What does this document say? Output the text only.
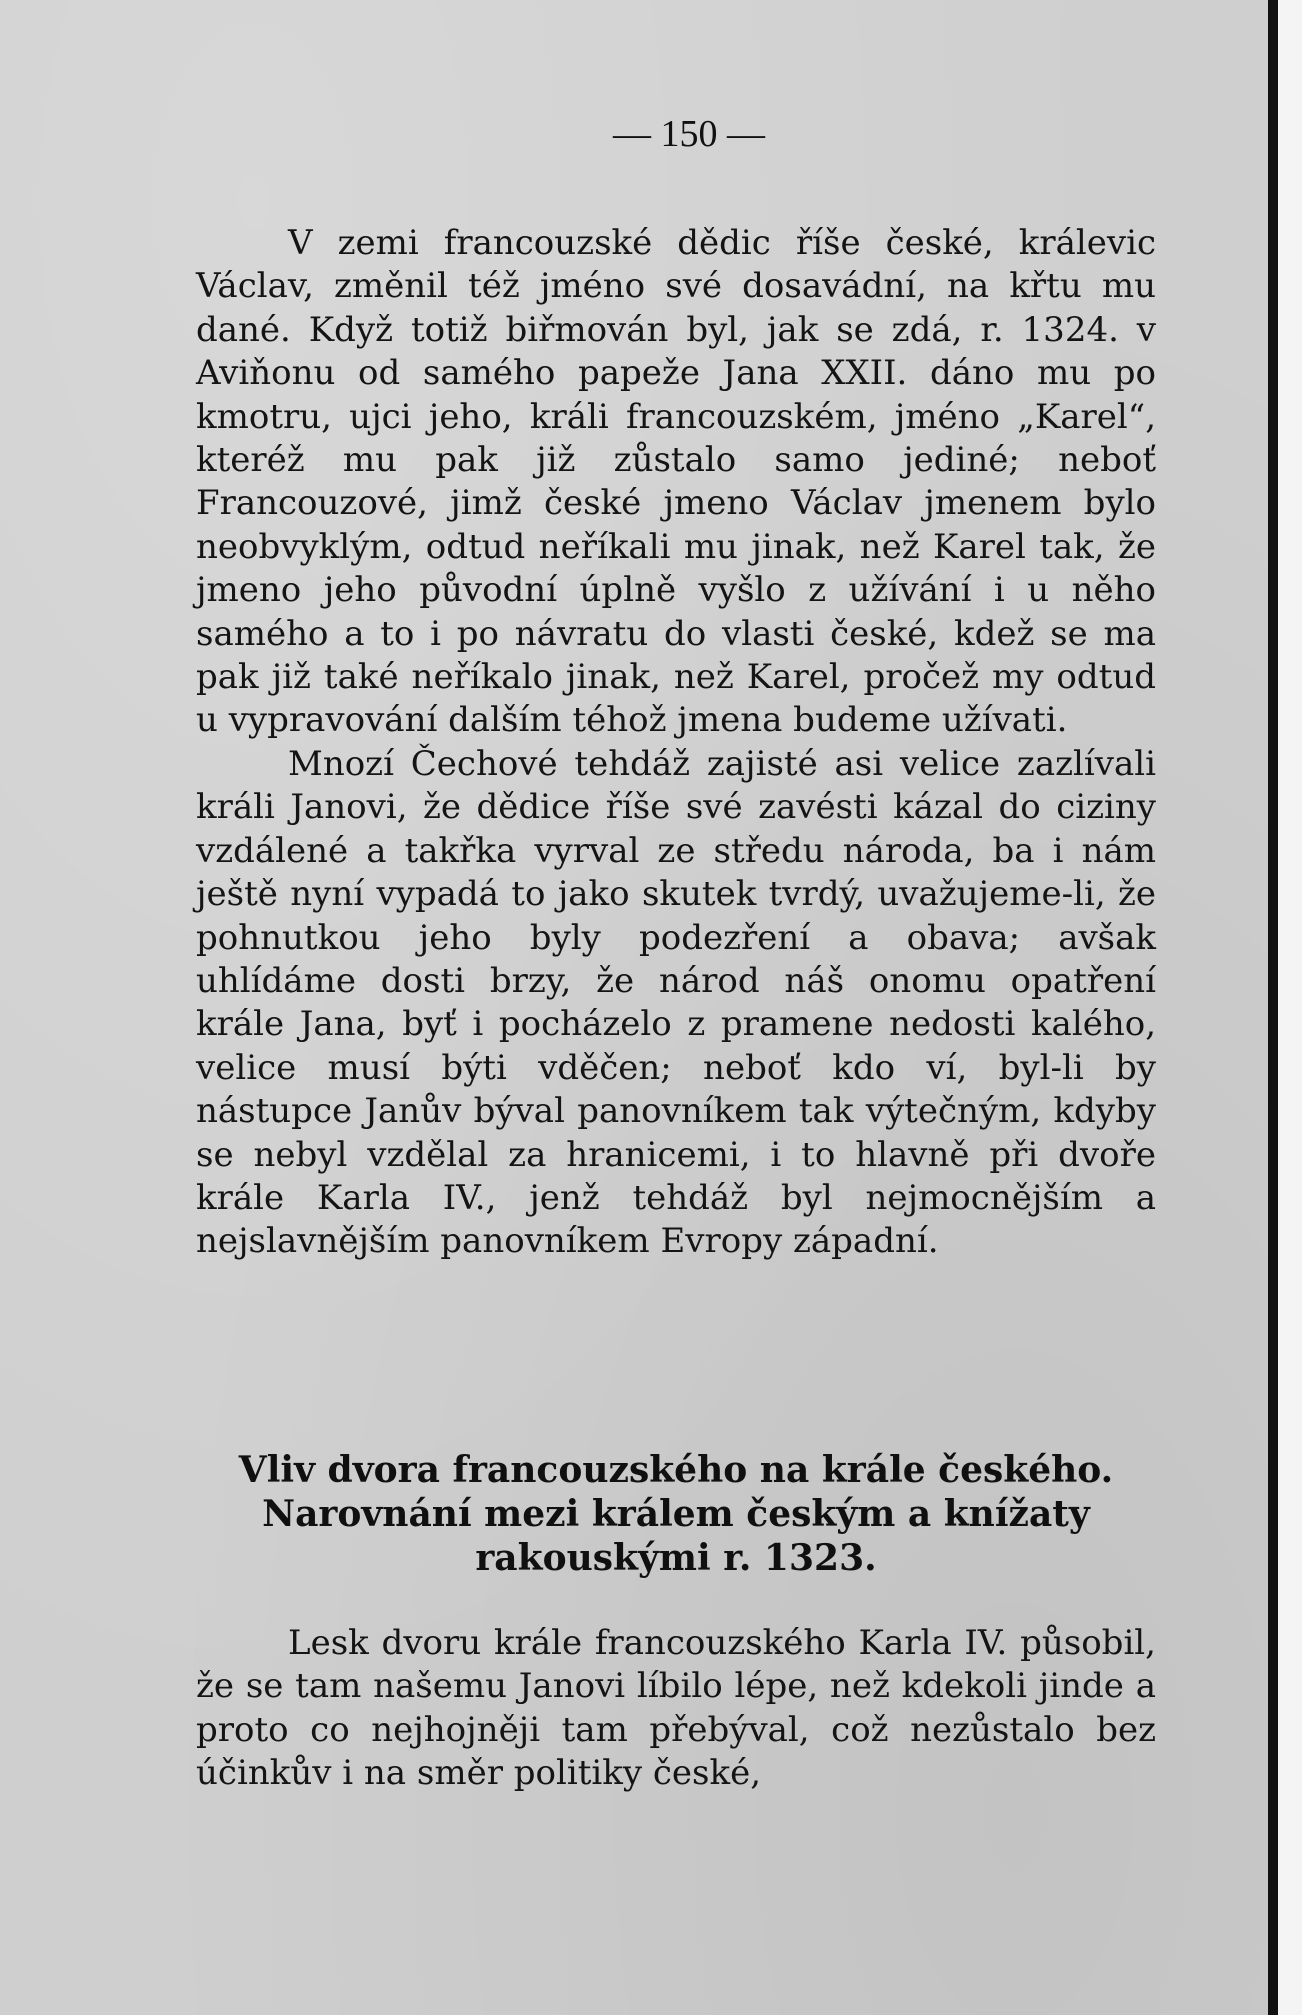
— 150 —

V zemi francouzské dědic říše české, králevic Václav, změnil též jméno své dosavádní, na křtu mu dané. Když totiž biřmován byl, jak se zdá, r. 1324. v Aviňonu od samého papeže Jana XXII. dáno mu po kmotru, ujci jeho, králi francouzském, jméno „Karel“, kteréž mu pak již zůstalo samo jediné; neboť Francouzové, jimž české jmeno Václav jmenem bylo neobvyklým, odtud neříkali mu jinak, než Karel tak, že jmeno jeho původní úplně vyšlo z užívání i u něho samého a to i po návratu do vlasti české, kdež se ma pak již také neříkalo jinak, než Karel, pročež my odtud u vypravování dalším téhož jmena budeme užívati.

Mnozí Čechové tehdáž zajisté asi velice zazlívali králi Janovi, že dědice říše své zavésti kázal do ciziny vzdálené a takřka vyrval ze středu národa, ba i nám ještě nyní vypadá to jako skutek tvrdý, uvažujeme-li, že pohnutkou jeho byly podezření a obava; avšak uhlídáme dosti brzy, že národ náš onomu opatření krále Jana, byť i pocházelo z pramene nedosti kalého, velice musí býti vděčen; neboť kdo ví, byl-li by nástupce Janův býval panovníkem tak výtečným, kdyby se nebyl vzdělal za hranicemi, i to hlavně při dvoře krále Karla IV., jenž tehdáž byl nejmocnějším a nejslavnějším panovníkem Evropy západní.

Vliv dvora francouzského na krále českého.
Narovnání mezi králem českým a knížaty
rakouskými r. 1323.

Lesk dvoru krále francouzského Karla IV. působil, že se tam našemu Janovi líbilo lépe, než kdekoli jinde a proto co nejhojněji tam přebýval, což nezůstalo bez účinkův i na směr politiky české,
